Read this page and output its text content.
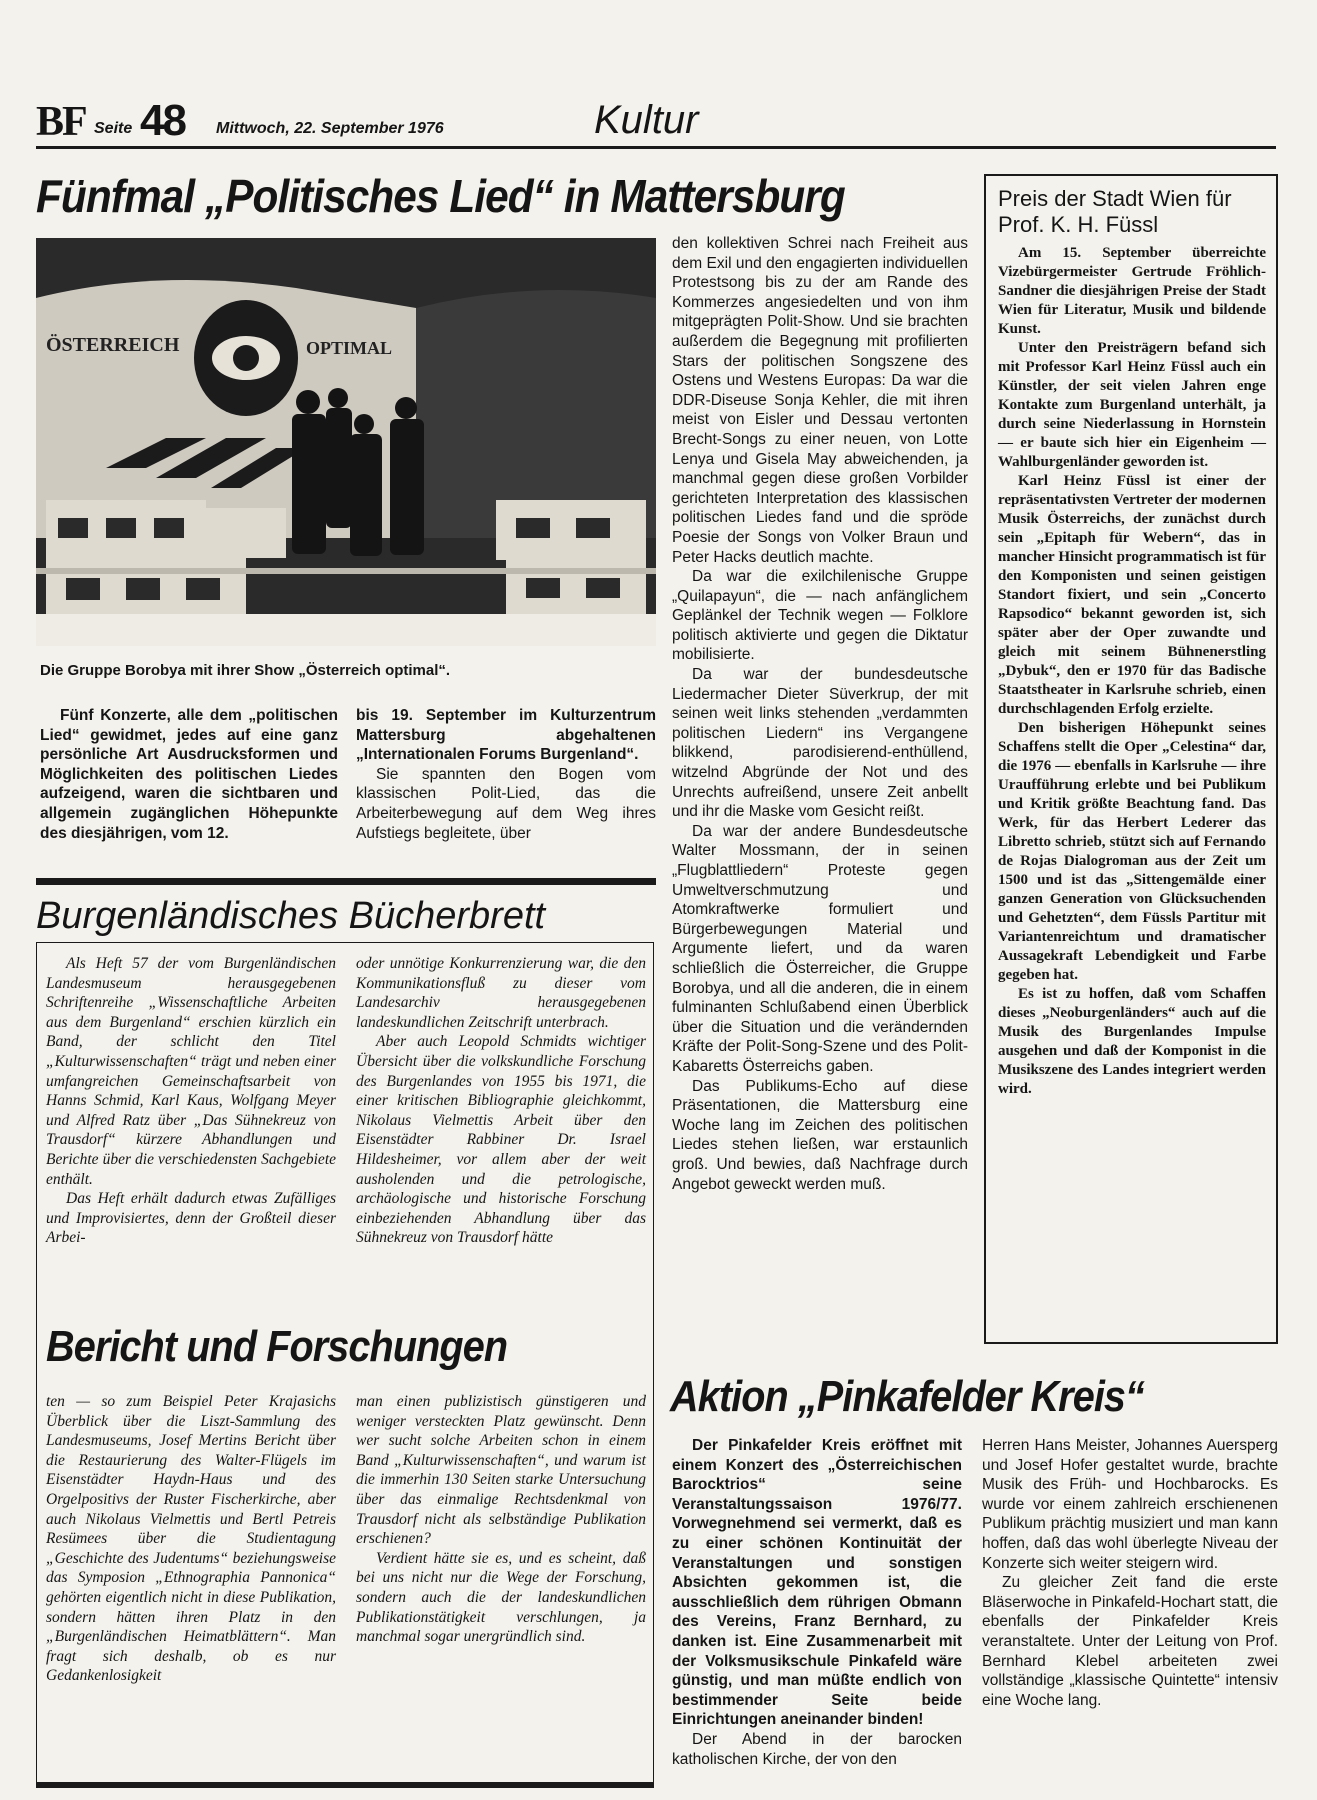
BF Seite 48 Mittwoch, 22. September 1976	Kultur
Fünfmal „Politisches Lied“ in Mattersburg
ÖSTERREICH	OPTIMAL
Die Gruppe Borobya mit ihrer Show „Österreich optimal“.

Fünf Konzerte, alle dem „politischen Lied“ gewidmet, jedes auf eine ganz persönliche Art Ausdrucksformen und Möglichkeiten des politischen Liedes aufzeigend, waren die sichtbaren und allgemein zugänglichen Höhepunkte des diesjährigen, vom 12.

bis 19. September im Kulturzentrum Mattersburg abgehaltenen „Internationalen Forums Burgenland“.

Sie spannten den Bogen vom klassischen Polit-Lied, das die Arbeiterbewegung auf dem Weg ihres Aufstiegs begleitete, über

den kollektiven Schrei nach Freiheit aus dem Exil und den engagierten individuellen Protestsong bis zu der am Rande des Kommerzes angesiedelten und von ihm mitgeprägten Polit-Show. Und sie brachten außerdem die Begegnung mit profilierten Stars der politischen Songszene des Ostens und Westens Europas: Da war die DDR-Diseuse Sonja Kehler, die mit ihren meist von Eisler und Dessau vertonten Brecht-Songs zu einer neuen, von Lotte Lenya und Gisela May abweichenden, ja manchmal gegen diese großen Vorbilder gerichteten Interpretation des klassischen politischen Liedes fand und die spröde Poesie der Songs von Volker Braun und Peter Hacks deutlich machte.

Da war die exilchilenische Gruppe „Quilapayun“, die — nach anfänglichem Geplänkel der Technik wegen — Folklore politisch aktivierte und gegen die Diktatur mobilisierte.

Da war der bundesdeutsche Liedermacher Dieter Süverkrup, der mit seinen weit links stehenden „verdammten politischen Liedern“ ins Vergangene blikkend, parodisierend-enthüllend, witzelnd Abgründe der Not und des Unrechts aufreißend, unsere Zeit anbellt und ihr die Maske vom Gesicht reißt.

Da war der andere Bundesdeutsche Walter Mossmann, der in seinen „Flugblattliedern“ Proteste gegen Umweltverschmutzung und Atomkraftwerke formuliert und Bürgerbewegungen Material und Argumente liefert, und da waren schließlich die Österreicher, die Gruppe Borobya, und all die anderen, die in einem fulminanten Schlußabend einen Überblick über die Situation und die verändernden Kräfte der Polit-Song-Szene und des Polit-Kabaretts Österreichs gaben.

Das Publikums-Echo auf diese Präsentationen, die Mattersburg eine Woche lang im Zeichen des politischen Liedes stehen ließen, war erstaunlich groß. Und bewies, daß Nachfrage durch Angebot geweckt werden muß.

Preis der Stadt Wien für Prof. K. H. Füssl

Am 15. September überreichte Vizebürgermeister Gertrude Fröhlich-Sandner die diesjährigen Preise der Stadt Wien für Literatur, Musik und bildende Kunst.

Unter den Preisträgern befand sich mit Professor Karl Heinz Füssl auch ein Künstler, der seit vielen Jahren enge Kontakte zum Burgenland unterhält, ja durch seine Niederlassung in Hornstein — er baute sich hier ein Eigenheim — Wahlburgenländer geworden ist.

Karl Heinz Füssl ist einer der repräsentativsten Vertreter der modernen Musik Österreichs, der zunächst durch sein „Epitaph für Webern“, das in mancher Hinsicht programmatisch ist für den Komponisten und seinen geistigen Standort fixiert, und sein „Concerto Rapsodico“ bekannt geworden ist, sich später aber der Oper zuwandte und gleich mit seinem Bühnenerstling „Dybuk“, den er 1970 für das Badische Staatstheater in Karlsruhe schrieb, einen durchschlagenden Erfolg erzielte.

Den bisherigen Höhepunkt seines Schaffens stellt die Oper „Celestina“ dar, die 1976 — ebenfalls in Karlsruhe — ihre Uraufführung erlebte und bei Publikum und Kritik größte Beachtung fand. Das Werk, für das Herbert Lederer das Libretto schrieb, stützt sich auf Fernando de Rojas Dialogroman aus der Zeit um 1500 und ist das „Sittengemälde einer ganzen Generation von Glücksuchenden und Gehetzten“, dem Füssls Partitur mit Variantenreichtum und dramatischer Aussagekraft Lebendigkeit und Farbe gegeben hat.

Es ist zu hoffen, daß vom Schaffen dieses „Neoburgenländers“ auch auf die Musik des Burgenlandes Impulse ausgehen und daß der Komponist in die Musikszene des Landes integriert werden wird.

Burgenländisches Bücherbrett

Als Heft 57 der vom Burgenländischen Landesmuseum herausgegebenen Schriftenreihe „Wissenschaftliche Arbeiten aus dem Burgenland“ erschien kürzlich ein Band, der schlicht den Titel „Kulturwissenschaften“ trägt und neben einer umfangreichen Gemeinschaftsarbeit von Hanns Schmid, Karl Kaus, Wolfgang Meyer und Alfred Ratz über „Das Sühnekreuz von Trausdorf“ kürzere Abhandlungen und Berichte über die verschiedensten Sachgebiete enthält.

Das Heft erhält dadurch etwas Zufälliges und Improvisiertes, denn der Großteil dieser Arbei-

oder unnötige Konkurrenzierung war, die den Kommunikationsfluß zu dieser vom Landesarchiv herausgegebenen landeskundlichen Zeitschrift unterbrach.

Aber auch Leopold Schmidts wichtiger Übersicht über die volkskundliche Forschung des Burgenlandes von 1955 bis 1971, die einer kritischen Bibliographie gleichkommt, Nikolaus Vielmettis Arbeit über den Eisenstädter Rabbiner Dr. Israel Hildesheimer, vor allem aber der weit ausholenden und die petrologische, archäologische und historische Forschung einbeziehenden Abhandlung über das Sühnekreuz von Trausdorf hätte

Bericht und Forschungen

ten — so zum Beispiel Peter Krajasichs Überblick über die Liszt-Sammlung des Landesmuseums, Josef Mertins Bericht über die Restaurierung des Walter-Flügels im Eisenstädter Haydn-Haus und des Orgelpositivs der Ruster Fischerkirche, aber auch Nikolaus Vielmettis und Bertl Petreis Resümees über die Studientagung „Geschichte des Judentums“ beziehungsweise das Symposion „Ethnographia Pannonica“ gehörten eigentlich nicht in diese Publikation, sondern hätten ihren Platz in den „Burgenländischen Heimatblättern“. Man fragt sich deshalb, ob es nur Gedankenlosigkeit

man einen publizistisch günstigeren und weniger versteckten Platz gewünscht. Denn wer sucht solche Arbeiten schon in einem Band „Kulturwissenschaften“, und warum ist die immerhin 130 Seiten starke Untersuchung über das einmalige Rechtsdenkmal von Trausdorf nicht als selbständige Publikation erschienen?

Verdient hätte sie es, und es scheint, daß bei uns nicht nur die Wege der Forschung, sondern auch die der landeskundlichen Publikationstätigkeit verschlungen, ja manchmal sogar unergründlich sind.

Aktion „Pinkafelder Kreis“

Der Pinkafelder Kreis eröffnet mit einem Konzert des „Österreichischen Barocktrios“ seine Veranstaltungssaison 1976/77. Vorwegnehmend sei vermerkt, daß es zu einer schönen Kontinuität der Veranstaltungen und sonstigen Absichten gekommen ist, die ausschließlich dem rührigen Obmann des Vereins, Franz Bernhard, zu danken ist. Eine Zusammenarbeit mit der Volksmusikschule Pinkafeld wäre günstig, und man müßte endlich von bestimmender Seite beide Einrichtungen aneinander binden!

Der Abend in der barocken katholischen Kirche, der von den

Herren Hans Meister, Johannes Auersperg und Josef Hofer gestaltet wurde, brachte Musik des Früh- und Hochbarocks. Es wurde vor einem zahlreich erschienenen Publikum prächtig musiziert und man kann hoffen, daß das wohl überlegte Niveau der Konzerte sich weiter steigern wird.

Zu gleicher Zeit fand die erste Bläserwoche in Pinkafeld-Hochart statt, die ebenfalls der Pinkafelder Kreis veranstaltete. Unter der Leitung von Prof. Bernhard Klebel arbeiteten zwei vollständige „klassische Quintette“ intensiv eine Woche lang.
